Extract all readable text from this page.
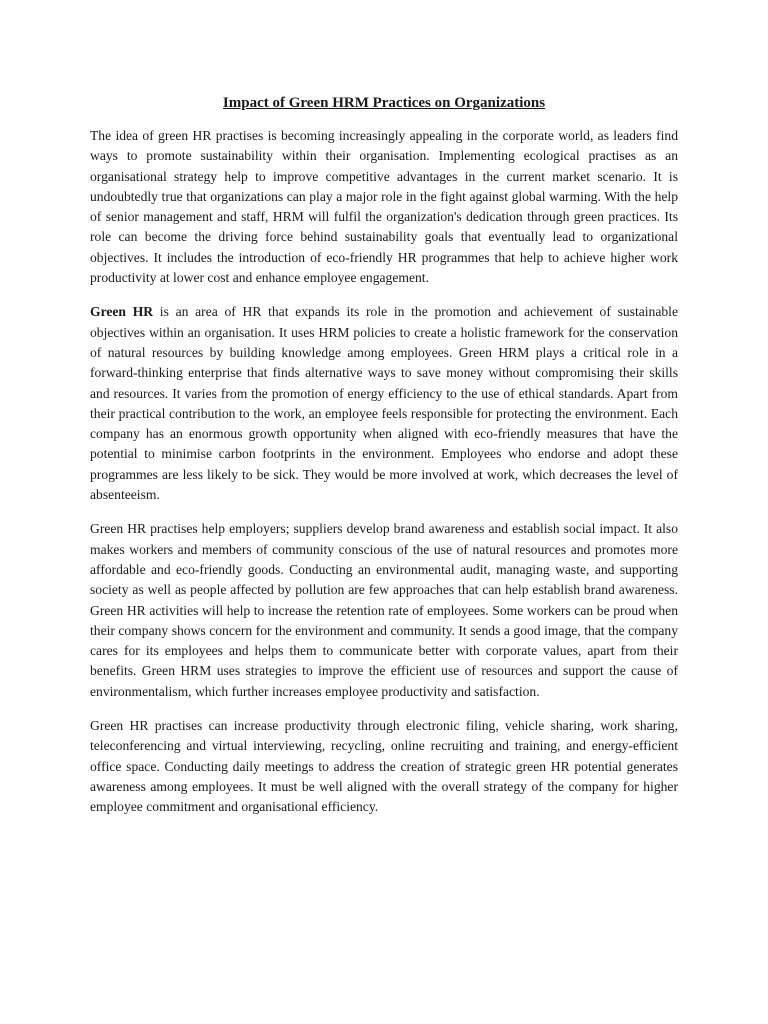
Impact of Green HRM Practices on Organizations

The idea of green HR practises is becoming increasingly appealing in the corporate world, as leaders find ways to promote sustainability within their organisation. Implementing ecological practises as an organisational strategy help to improve competitive advantages in the current market scenario. It is undoubtedly true that organizations can play a major role in the fight against global warming. With the help of senior management and staff, HRM will fulfil the organization's dedication through green practices. Its role can become the driving force behind sustainability goals that eventually lead to organizational objectives. It includes the introduction of eco-friendly HR programmes that help to achieve higher work productivity at lower cost and enhance employee engagement.

Green HR is an area of HR that expands its role in the promotion and achievement of sustainable objectives within an organisation. It uses HRM policies to create a holistic framework for the conservation of natural resources by building knowledge among employees. Green HRM plays a critical role in a forward-thinking enterprise that finds alternative ways to save money without compromising their skills and resources. It varies from the promotion of energy efficiency to the use of ethical standards. Apart from their practical contribution to the work, an employee feels responsible for protecting the environment. Each company has an enormous growth opportunity when aligned with eco-friendly measures that have the potential to minimise carbon footprints in the environment. Employees who endorse and adopt these programmes are less likely to be sick. They would be more involved at work, which decreases the level of absenteeism.

Green HR practises help employers; suppliers develop brand awareness and establish social impact. It also makes workers and members of community conscious of the use of natural resources and promotes more affordable and eco-friendly goods. Conducting an environmental audit, managing waste, and supporting society as well as people affected by pollution are few approaches that can help establish brand awareness. Green HR activities will help to increase the retention rate of employees. Some workers can be proud when their company shows concern for the environment and community. It sends a good image, that the company cares for its employees and helps them to communicate better with corporate values, apart from their benefits. Green HRM uses strategies to improve the efficient use of resources and support the cause of environmentalism, which further increases employee productivity and satisfaction.

Green HR practises can increase productivity through electronic filing, vehicle sharing, work sharing, teleconferencing and virtual interviewing, recycling, online recruiting and training, and energy-efficient office space. Conducting daily meetings to address the creation of strategic green HR potential generates awareness among employees. It must be well aligned with the overall strategy of the company for higher employee commitment and organisational efficiency.
